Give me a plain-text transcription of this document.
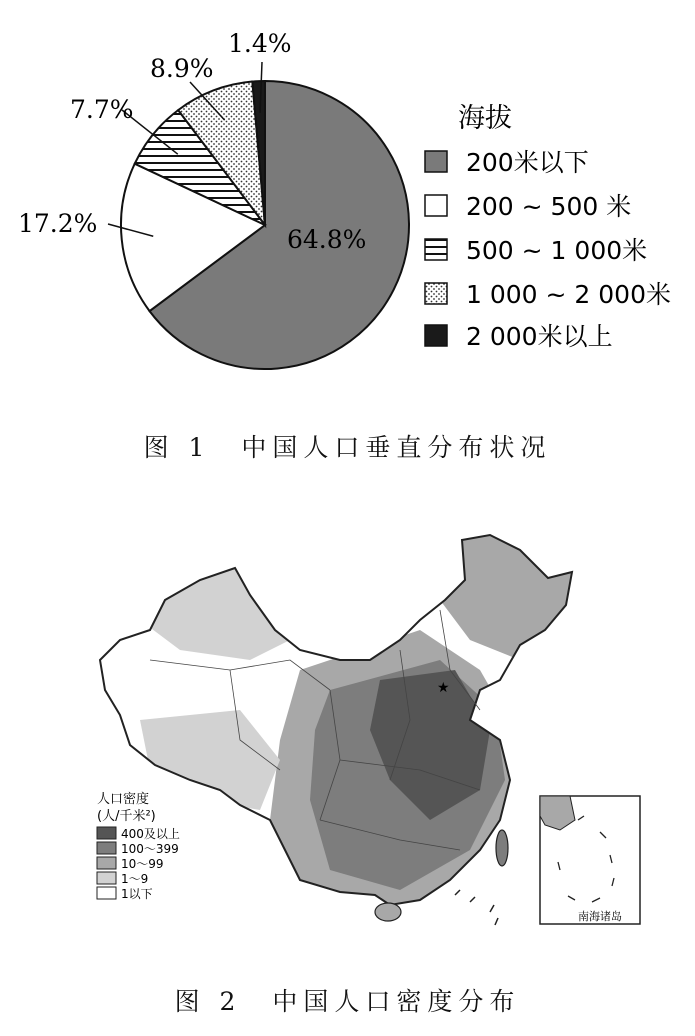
64.8%
17.2%
7.7%
8.9%
1.4%
海拔
200米以下
200 ~ 500 米
500 ~ 1 000米
1 000 ~ 2 000米
2 000米以上
图 1　中国人口垂直分布状况
★
南海诸岛
人口密度
(人/千米²)
400及以上
100～399
10～99
1～9
1以下
图 2　中国人口密度分布
